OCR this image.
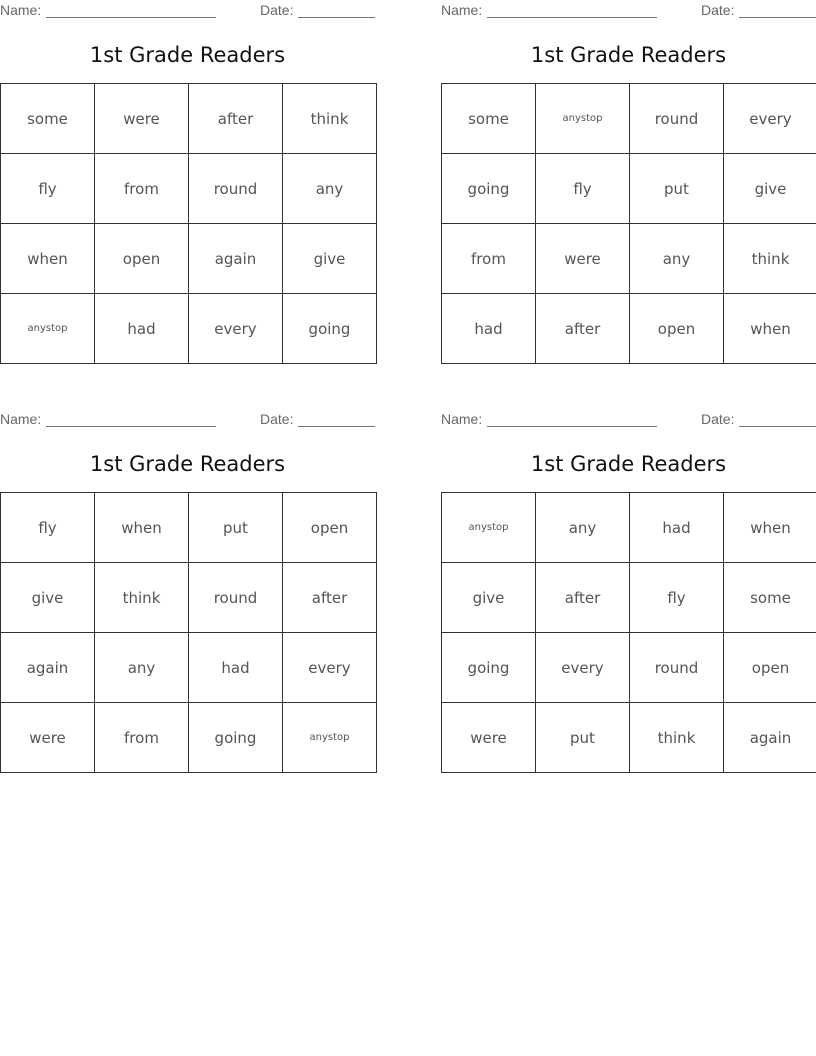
Name:	Date:
1st Grade Readers
some	were	after	think
fly	from	round	any
when	open	again	give
anystop	had	every	going
Name:	Date:
1st Grade Readers
some	anystop	round	every
going	fly	put	give
from	were	any	think
had	after	open	when
Name:	Date:
1st Grade Readers
fly	when	put	open
give	think	round	after
again	any	had	every
were	from	going	anystop
Name:	Date:
1st Grade Readers
anystop	any	had	when
give	after	fly	some
going	every	round	open
were	put	think	again
